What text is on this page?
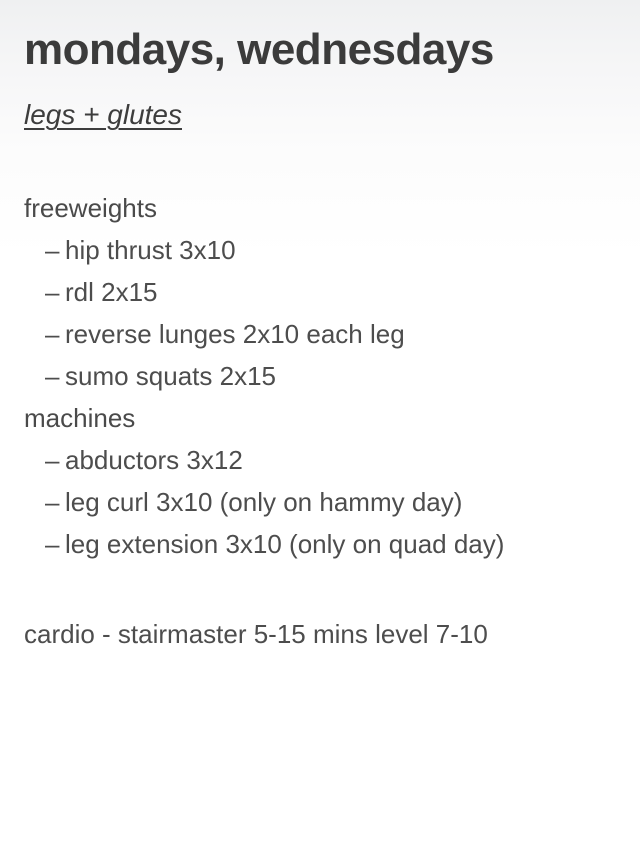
mondays, wednesdays
legs + glutes
freeweights
– hip thrust 3x10
– rdl 2x15
– reverse lunges 2x10 each leg
– sumo squats 2x15
machines
– abductors 3x12
– leg curl 3x10 (only on hammy day)
– leg extension 3x10 (only on quad day)

cardio - stairmaster 5-15 mins level 7-10
